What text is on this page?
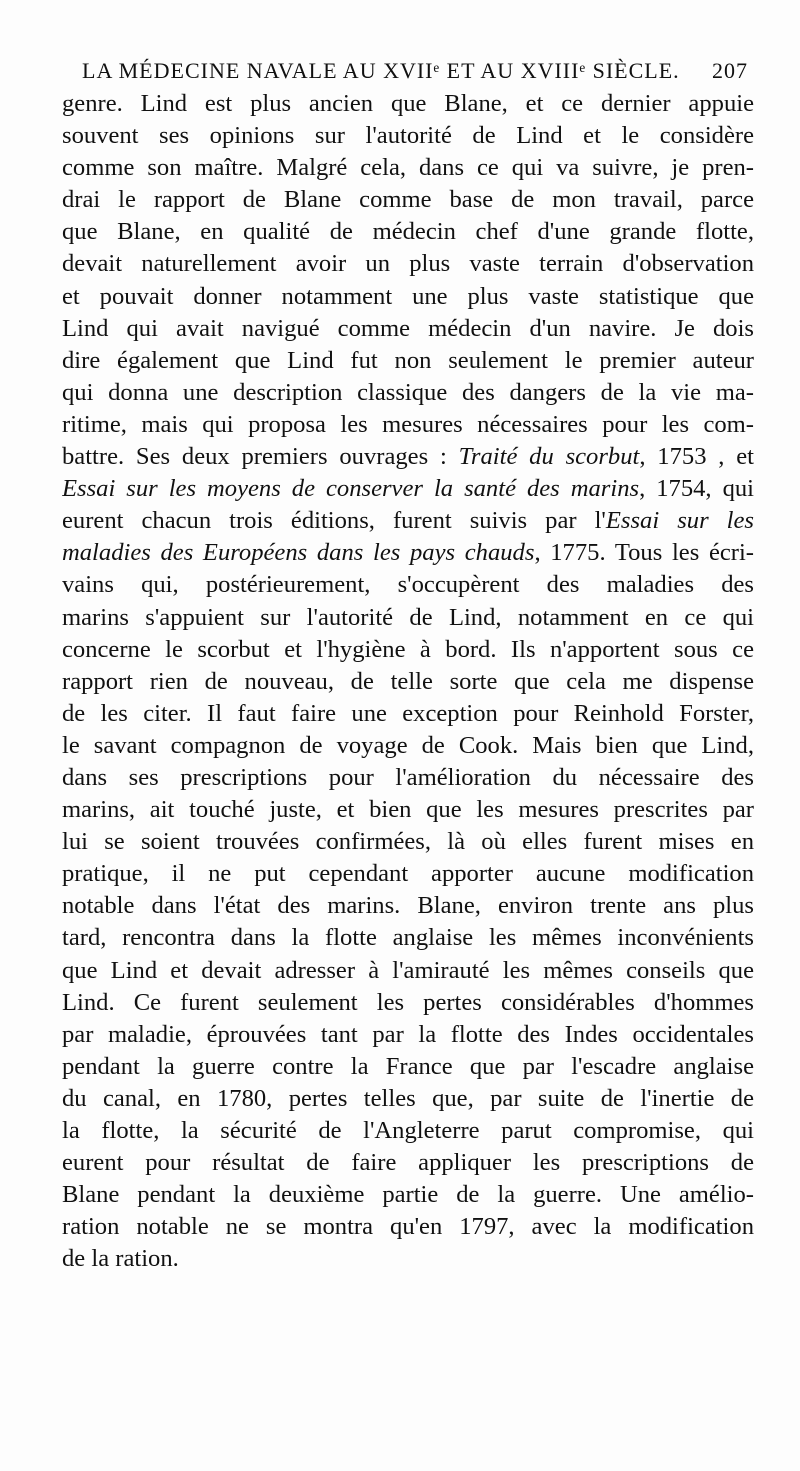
LA MÉDECINE NAVALE AU XVIIᵉ ET AU XVIIIᵉ SIÈCLE. 207
genre. Lind est plus ancien que Blane, et ce dernier appuie
souvent ses opinions sur l'autorité de Lind et le considère
comme son maître. Malgré cela, dans ce qui va suivre, je pren-
drai le rapport de Blane comme base de mon travail, parce
que Blane, en qualité de médecin chef d'une grande flotte,
devait naturellement avoir un plus vaste terrain d'observation
et pouvait donner notamment une plus vaste statistique que
Lind qui avait navigué comme médecin d'un navire. Je dois
dire également que Lind fut non seulement le premier auteur
qui donna une description classique des dangers de la vie ma-
ritime, mais qui proposa les mesures nécessaires pour les com-
battre. Ses deux premiers ouvrages : Traité du scorbut, 1753 , et
Essai sur les moyens de conserver la santé des marins, 1754, qui
eurent chacun trois éditions, furent suivis par l'Essai sur les
maladies des Européens dans les pays chauds, 1775. Tous les écri-
vains qui, postérieurement, s'occupèrent des maladies des
marins s'appuient sur l'autorité de Lind, notamment en ce qui
concerne le scorbut et l'hygiène à bord. Ils n'apportent sous ce
rapport rien de nouveau, de telle sorte que cela me dispense
de les citer. Il faut faire une exception pour Reinhold Forster,
le savant compagnon de voyage de Cook. Mais bien que Lind,
dans ses prescriptions pour l'amélioration du nécessaire des
marins, ait touché juste, et bien que les mesures prescrites par
lui se soient trouvées confirmées, là où elles furent mises en
pratique, il ne put cependant apporter aucune modification
notable dans l'état des marins. Blane, environ trente ans plus
tard, rencontra dans la flotte anglaise les mêmes inconvénients
que Lind et devait adresser à l'amirauté les mêmes conseils que
Lind. Ce furent seulement les pertes considérables d'hommes
par maladie, éprouvées tant par la flotte des Indes occidentales
pendant la guerre contre la France que par l'escadre anglaise
du canal, en 1780, pertes telles que, par suite de l'inertie de
la flotte, la sécurité de l'Angleterre parut compromise, qui
eurent pour résultat de faire appliquer les prescriptions de
Blane pendant la deuxième partie de la guerre. Une amélio-
ration notable ne se montra qu'en 1797, avec la modification
de la ration.
